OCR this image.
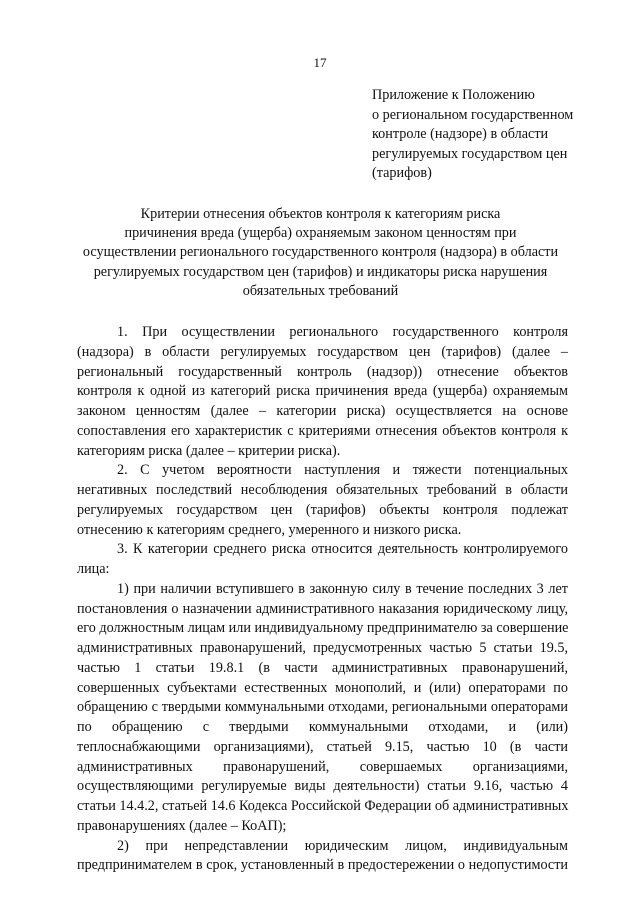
17
Приложение к Положению
о региональном государственном
контроле (надзоре) в области
регулируемых государством цен
(тарифов)
Критерии отнесения объектов контроля к категориям риска
причинения вреда (ущерба) охраняемым законом ценностям при
осуществлении регионального государственного контроля (надзора) в области
регулируемых государством цен (тарифов) и индикаторы риска нарушения
обязательных требований
1. При осуществлении регионального государственного контроля
(надзора) в области регулируемых государством цен (тарифов) (далее –
региональный государственный контроль (надзор)) отнесение объектов
контроля к одной из категорий риска причинения вреда (ущерба) охраняемым
законом ценностям (далее – категории риска) осуществляется на основе
сопоставления его характеристик с критериями отнесения объектов контроля к
категориям риска (далее – критерии риска).
2. С учетом вероятности наступления и тяжести потенциальных
негативных последствий несоблюдения обязательных требований в области
регулируемых государством цен (тарифов) объекты контроля подлежат
отнесению к категориям среднего, умеренного и низкого риска.
3. К категории среднего риска относится деятельность контролируемого
лица:
1) при наличии вступившего в законную силу в течение последних 3 лет
постановления о назначении административного наказания юридическому лицу,
его должностным лицам или индивидуальному предпринимателю за совершение
административных правонарушений, предусмотренных частью 5 статьи 19.5,
частью 1 статьи 19.8.1 (в части административных правонарушений,
совершенных субъектами естественных монополий, и (или) операторами по
обращению с твердыми коммунальными отходами, региональными операторами
по обращению с твердыми коммунальными отходами, и (или)
теплоснабжающими организациями), статьей 9.15, частью 10 (в части
административных правонарушений, совершаемых организациями,
осуществляющими регулируемые виды деятельности) статьи 9.16, частью 4
статьи 14.4.2, статьей 14.6 Кодекса Российской Федерации об административных
правонарушениях (далее – КоАП);
2) при непредставлении юридическим лицом, индивидуальным
предпринимателем в срок, установленный в предостережении о недопустимости
